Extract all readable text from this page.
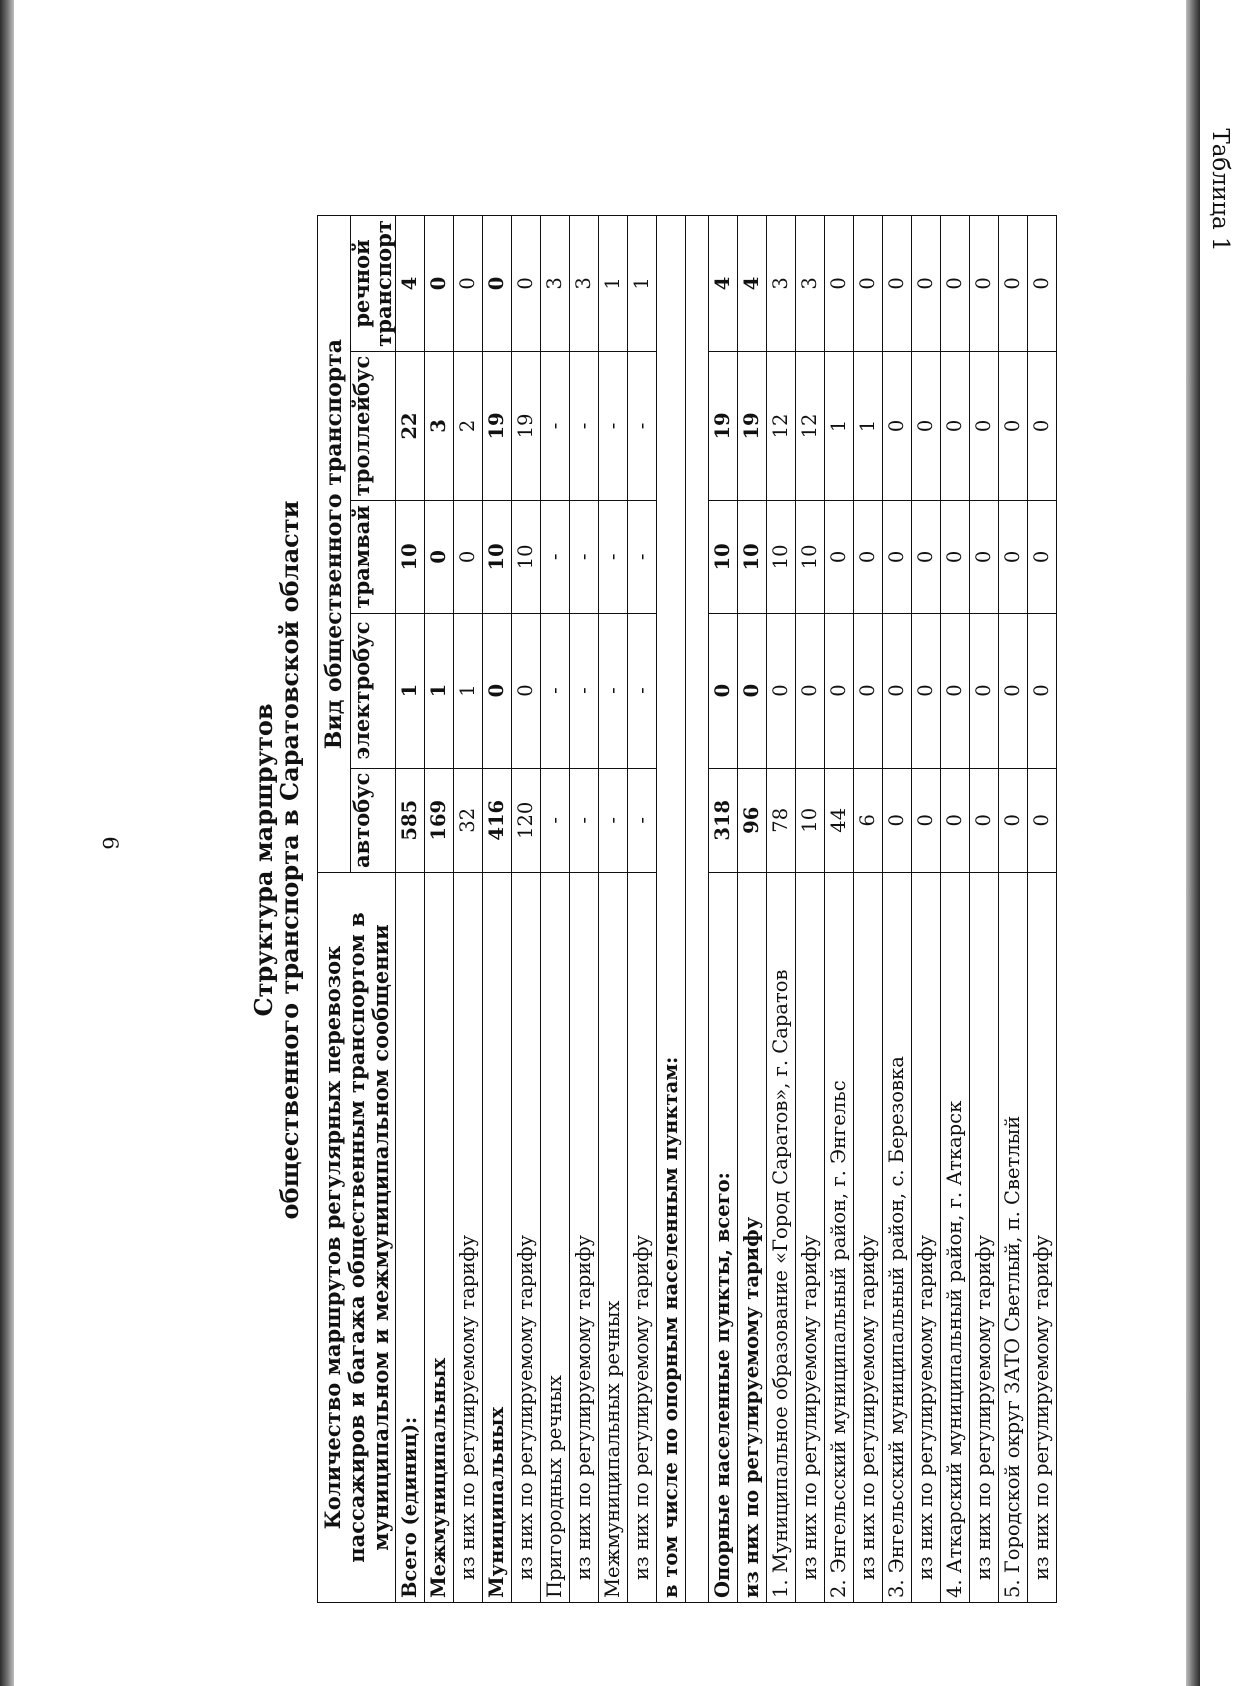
6
Таблица 1
Структура маршрутов
общественного транспорта в Саратовской области
Количество маршрутов регулярных перевозок пассажиров и багажа общественным транспортом в муниципальном и межмуниципальном сообщении	Вид общественного транспорта				
	автобус	электробус	трамвай	троллейбус	речной транспорт
Всего (единиц):	585	1	10	22	4
Межмуниципальных	169	1	0	3	0
из них по регулируемому тарифу	32	1	0	2	0
Муниципальных	416	0	10	19	0
из них по регулируемому тарифу	120	0	10	19	0
Пригородных речных	-	-	-	-	3
из них по регулируемому тарифу	-	-	-	-	3
Межмуниципальных речных	-	-	-	-	1
из них по регулируемому тарифу	-	-	-	-	1
в том числе по опорным населенным пунктам:					

Опорные населенные пункты, всего:	318	0	10	19	4
из них по регулируемому тарифу	96	0	10	19	4
1. Муниципальное образование «Город Саратов», г. Саратов	78	0	10	12	3
из них по регулируемому тарифу	10	0	10	12	3
2. Энгельсский муниципальный район, г. Энгельс	44	0	0	1	0
из них по регулируемому тарифу	6	0	0	1	0
3. Энгельсский муниципальный район, с. Березовка	0	0	0	0	0
из них по регулируемому тарифу	0	0	0	0	0
4. Аткарский муниципальный район, г. Аткарск	0	0	0	0	0
из них по регулируемому тарифу	0	0	0	0	0
5. Городской округ ЗАТО Светлый, п. Светлый	0	0	0	0	0
из них по регулируемому тарифу	0	0	0	0	0
